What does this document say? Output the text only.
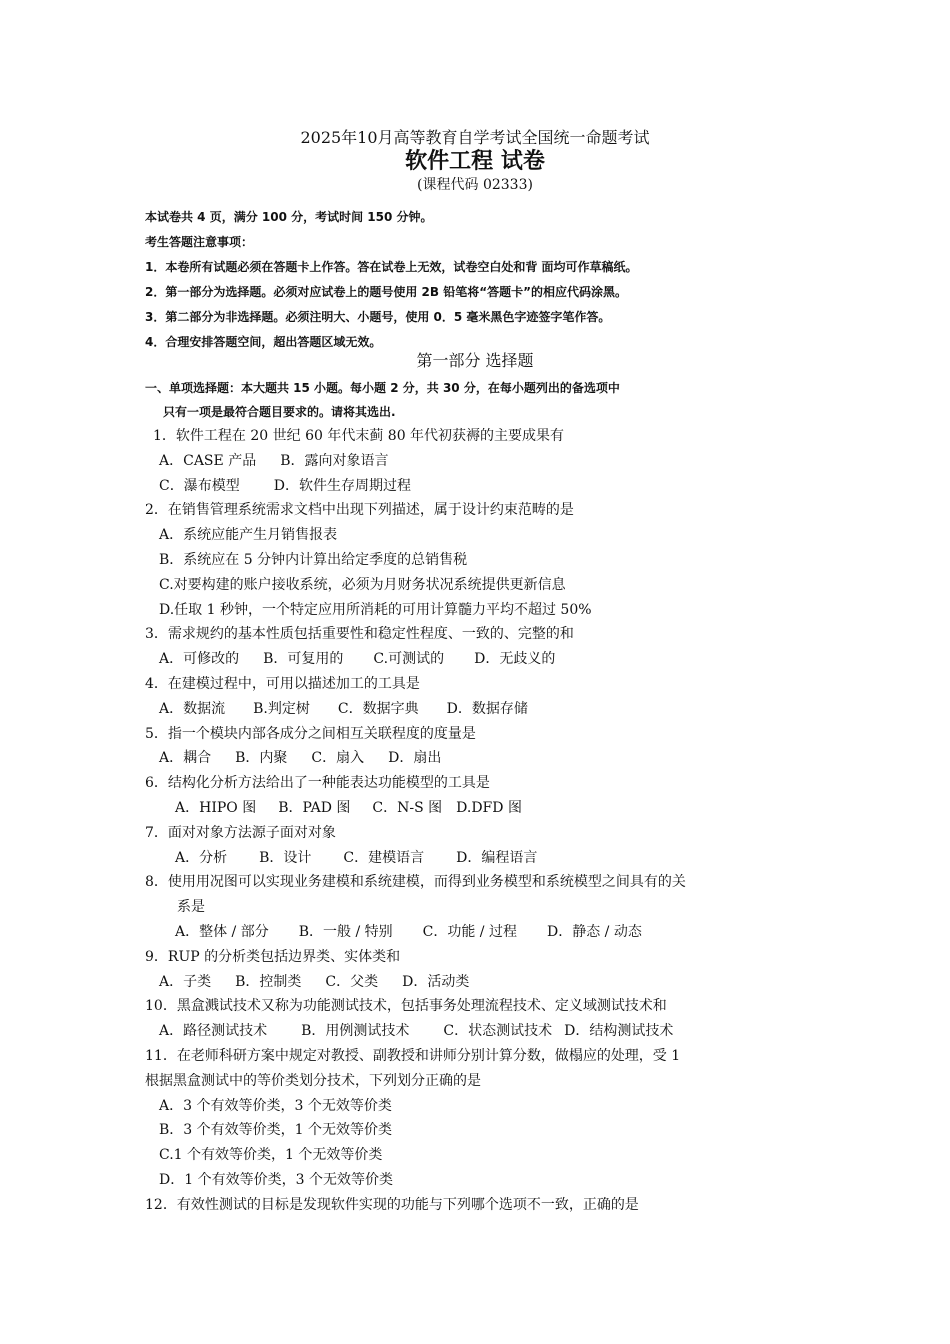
2025年10月高等教育自学考试全国统一命题考试
软件工程 试卷
(课程代码 02333)
本试卷共 4 页，满分 100 分，考试时间 150 分钟。
考生答题注意事项：
1．本卷所有试题必须在答题卡上作答。答在试卷上无效，试卷空白处和背 面均可作草稿纸。
2．第一部分为选择题。必须对应试卷上的题号使用 2B 铅笔将“答题卡”的相应代码涂黑。
3．第二部分为非选择题。必须注明大、小题号，使用 0．5 毫米黑色字迹签字笔作答。
4．合理安排答题空间，超出答题区域无效。
第一部分 选择题
一、单项选择题：本大题共 15 小题。每小题 2 分，共 30 分，在每小题列出的备选项中
只有一项是最符合题目要求的。请将其选出.
1．软件工程在 20 世纪 60 年代末蓟 80 年代初获褥的主要成果有
A．CASE 产品 B．露向对象语言
C．瀑布模型 D．软件生存周期过程
2．在销售管理系统需求文档中出现下列描述，属于设计约束范畴的是
A．系统应能产生月销售报表
B．系统应在 5 分钟内计算出给定季度的总销售税
C.对要构建的账户接收系统，必须为月财务状况系统提供更新信息
D.任取 1 秒钟，一个特定应用所消耗的可用计算髓力平均不超过 50%
3．需求规约的基本性质包括重要性和稳定性程度、一致的、完整的和
A．可修改的 B．可复用的 C.可测试的 D．无歧义的
4．在建模过程中，可用以描述加工的工具是
A．数据流 B.判定树 C．数据字典 D．数据存储
5．指一个模块内部各成分之间相互关联程度的度量是
A．耦合 B．内聚 C．扇入 D．扇出
6．结构化分析方法给出了一种能表达功能模型的工具是
A．HIPO 图 B．PAD 图 C．N-S 图 D.DFD 图
7．面对对象方法源子面对对象
A．分析 B．设计 C．建模语言 D．编程语言
8．使用用况图可以实现业务建模和系统建模，而得到业务模型和系统模型之间具有的关
系是
A．整体 / 部分 B．一般 / 特别 C．功能 / 过程 D．静态 / 动态
9．RUP 的分析类包括边界类、实体类和
A．子类 B．控制类 C．父类 D．活动类
10．黑盒溅试技术又称为功能测试技术，包括事务处理流程技术、定义域测试技术和
A．路径测试技术 B．用例测试技术 C．状态测试技术 D．结构测试技术
11．在老师科研方案中规定对教授、副教授和讲师分别计算分数，做榻应的处理，受 1
根据黑盒测试中的等价类划分技术，下列划分正确的是
A．3 个有效等价类，3 个无效等价类
B．3 个有效等价类，1 个无效等价类
C.1 个有效等价类，1 个无效等价类
D．1 个有效等价类，3 个无效等价类
12．有效性测试的目标是发现软件实现的功能与下列哪个选项不一致，正确的是
